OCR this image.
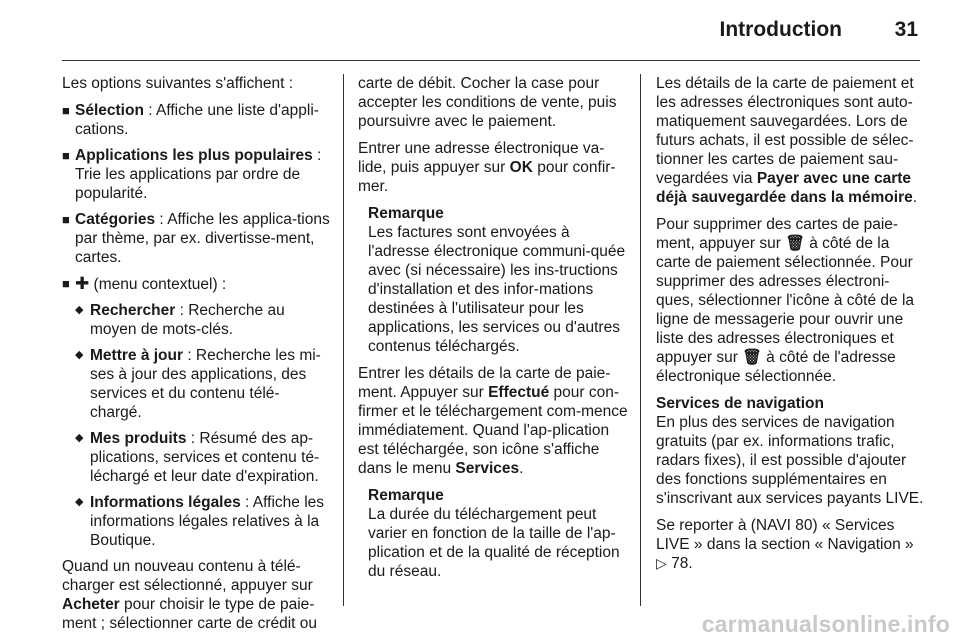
Introduction	31

Les options suivantes s'affichent :

■ Sélection : Affiche une liste d'appli-cations.
■ Applications les plus populaires : Trie les applications par ordre de popularité.
■ Catégories : Affiche les applica-tions par thème, par ex. divertisse-ment, cartes.
■ ✚ (menu contextuel) :
◆ Rechercher : Recherche au moyen de mots-clés.
◆ Mettre à jour : Recherche les mi-ses à jour des applications, des services et du contenu télé-chargé.
◆ Mes produits : Résumé des ap-plications, services et contenu té-léchargé et leur date d'expiration.
◆ Informations légales : Affiche les informations légales relatives à la Boutique.

Quand un nouveau contenu à télé-charger est sélectionné, appuyer sur Acheter pour choisir le type de paie-ment ; sélectionner carte de crédit ou

carte de débit. Cocher la case pour accepter les conditions de vente, puis poursuivre avec le paiement.

Entrer une adresse électronique va-lide, puis appuyer sur OK pour confir-mer.

Remarque
Les factures sont envoyées à l'adresse électronique communi-quée avec (si nécessaire) les ins-tructions d'installation et des infor-mations destinées à l'utilisateur pour les applications, les services ou d'autres contenus téléchargés.

Entrer les détails de la carte de paie-ment. Appuyer sur Effectué pour con-firmer et le téléchargement com-mence immédiatement. Quand l'ap-plication est téléchargée, son icône s'affiche dans le menu Services.

Remarque
La durée du téléchargement peut varier en fonction de la taille de l'ap-plication et de la qualité de réception du réseau.

Les détails de la carte de paiement et les adresses électroniques sont auto-matiquement sauvegardées. Lors de futurs achats, il est possible de sélec-tionner les cartes de paiement sau-vegardées via Payer avec une carte déjà sauvegardée dans la mémoire.

Pour supprimer des cartes de paie-ment, appuyer sur 🗑 à côté de la carte de paiement sélectionnée. Pour supprimer des adresses électroni-ques, sélectionner l'icône à côté de la ligne de messagerie pour ouvrir une liste des adresses électroniques et appuyer sur 🗑 à côté de l'adresse électronique sélectionnée.

Services de navigation

En plus des services de navigation gratuits (par ex. informations trafic, radars fixes), il est possible d'ajouter des fonctions supplémentaires en s'inscrivant aux services payants LIVE.

Se reporter à (NAVI 80) « Services LIVE » dans la section « Navigation »
▷ 78.

carmanualsonline.info
